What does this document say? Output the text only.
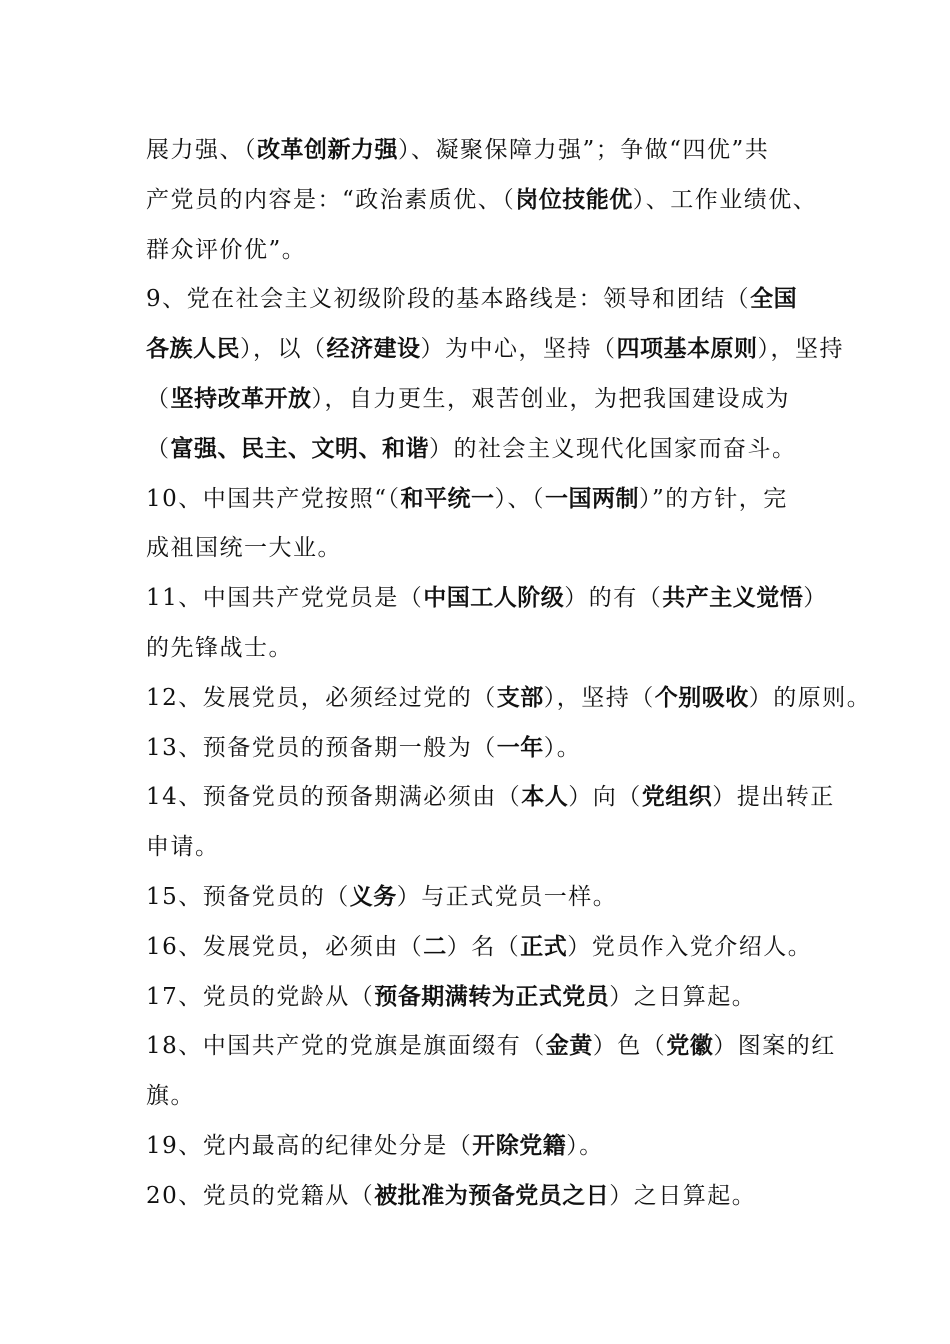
展力强、（改革创新力强）、凝聚保障力强”；争做“四优”共
产党员的内容是：“政治素质优、（岗位技能优）、工作业绩优、
群众评价优”。
9、党在社会主义初级阶段的基本路线是：领导和团结（全国
各族人民），以（经济建设）为中心，坚持（四项基本原则），坚持
（坚持改革开放），自力更生，艰苦创业，为把我国建设成为
（富强、民主、文明、和谐）的社会主义现代化国家而奋斗。
10、中国共产党按照“（和平统一）、（一国两制）”的方针，完
成祖国统一大业。
11、中国共产党党员是（中国工人阶级）的有（共产主义觉悟）
的先锋战士。
12、发展党员，必须经过党的（支部），坚持（个别吸收）的原则。
13、预备党员的预备期一般为（一年）。
14、预备党员的预备期满必须由（本人）向（党组织）提出转正
申请。
15、预备党员的（义务）与正式党员一样。
16、发展党员，必须由（二）名（正式）党员作入党介绍人。
17、党员的党龄从（预备期满转为正式党员）之日算起。
18、中国共产党的党旗是旗面缀有（金黄）色（党徽）图案的红
旗。
19、党内最高的纪律处分是（开除党籍）。
20、党员的党籍从（被批准为预备党员之日）之日算起。
